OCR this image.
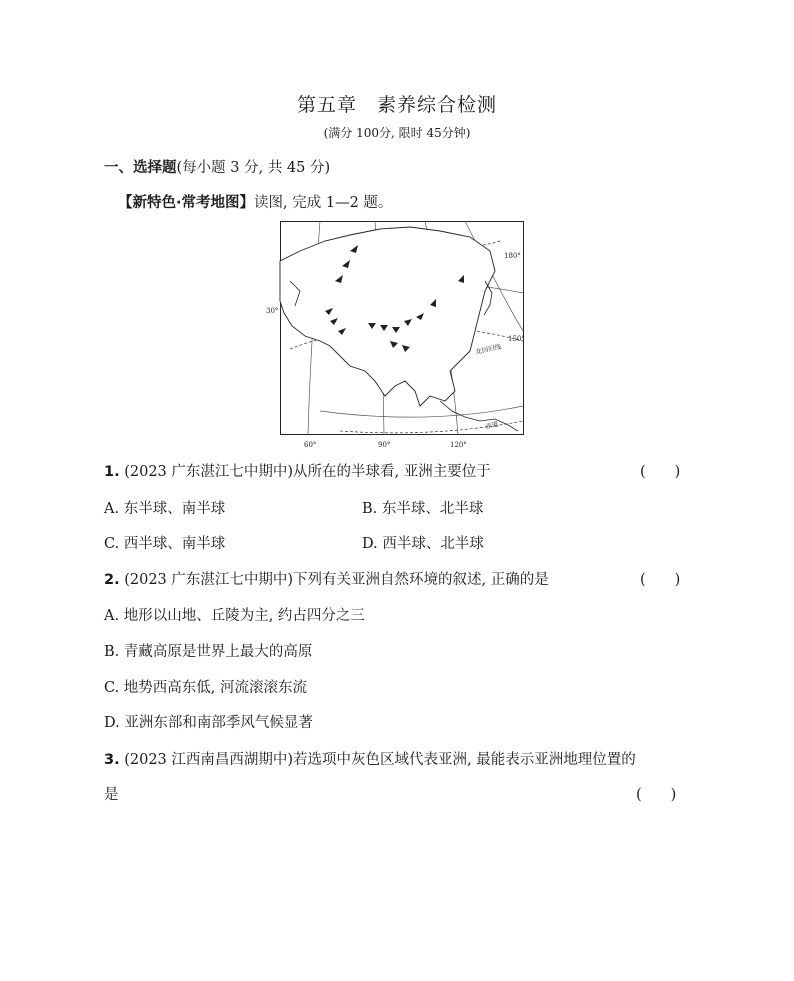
第五章　素养综合检测
(满分 100分, 限时 45分钟)
一、选择题(每小题 3 分, 共 45 分)
【新特色·常考地图】读图, 完成 1—2 题。
180°
150°
30°
北回归线
赤道
60°	90°	120°
1. (2023 广东湛江七中期中)从所在的半球看, 亚洲主要位于	(　　)
A. 东半球、南半球	B. 东半球、北半球
C. 西半球、南半球	D. 西半球、北半球
2. (2023 广东湛江七中期中)下列有关亚洲自然环境的叙述, 正确的是	(　　)
A. 地形以山地、丘陵为主, 约占四分之三
B. 青藏高原是世界上最大的高原
C. 地势西高东低, 河流滚滚东流
D. 亚洲东部和南部季风气候显著
3. (2023 江西南昌西湖期中)若选项中灰色区域代表亚洲, 最能表示亚洲地理位置的
是	(　　)
